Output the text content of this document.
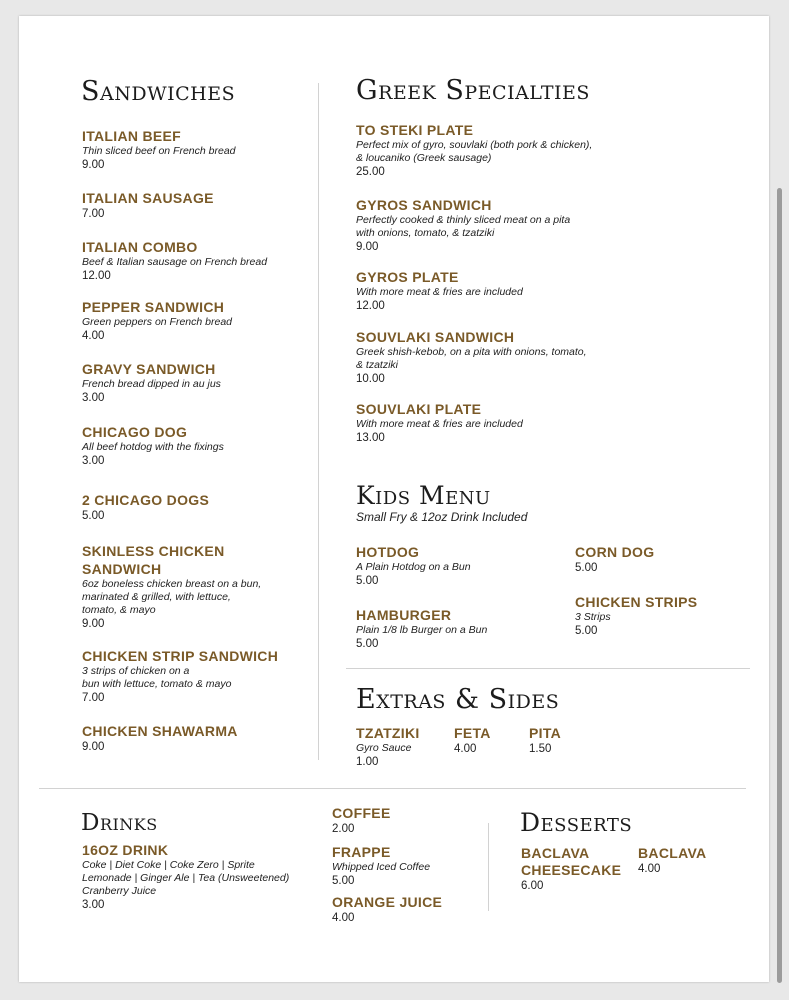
Sandwiches
ITALIAN BEEF
Thin sliced beef on French bread
9.00
ITALIAN SAUSAGE
7.00
ITALIAN COMBO
Beef & Italian sausage on French bread
12.00
PEPPER SANDWICH
Green peppers on French bread
4.00
GRAVY SANDWICH
French bread dipped in au jus
3.00
CHICAGO DOG
All beef hotdog with the fixings
3.00
2 CHICAGO DOGS
5.00
SKINLESS CHICKEN
SANDWICH
6oz boneless chicken breast on a bun,
marinated & grilled, with lettuce,
tomato, & mayo
9.00
CHICKEN STRIP SANDWICH
3 strips of chicken on a
bun with lettuce, tomato & mayo
7.00
CHICKEN SHAWARMA
9.00
Greek Specialties
TO STEKI PLATE
Perfect mix of gyro, souvlaki (both pork & chicken),
& loucaniko (Greek sausage)
25.00
GYROS SANDWICH
Perfectly cooked & thinly sliced meat on a pita
with onions, tomato, & tzatziki
9.00
GYROS PLATE
With more meat & fries are included
12.00
SOUVLAKI SANDWICH
Greek shish-kebob, on a pita with onions, tomato,
& tzatziki
10.00
SOUVLAKI PLATE
With more meat & fries are included
13.00
Kids Menu
Small Fry & 12oz Drink Included
HOTDOG
A Plain Hotdog on a Bun
5.00
HAMBURGER
Plain 1/8 lb Burger on a Bun
5.00
CORN DOG
5.00
CHICKEN STRIPS
3 Strips
5.00
Extras & Sides
TZATZIKI
Gyro Sauce
1.00
FETA
4.00
PITA
1.50
Drinks
16OZ DRINK
Coke | Diet Coke | Coke Zero | Sprite
Lemonade | Ginger Ale | Tea (Unsweetened)
Cranberry Juice
3.00
COFFEE
2.00
FRAPPE
Whipped Iced Coffee
5.00
ORANGE JUICE
4.00
Desserts
BACLAVA
CHEESECAKE
6.00
BACLAVA
4.00
